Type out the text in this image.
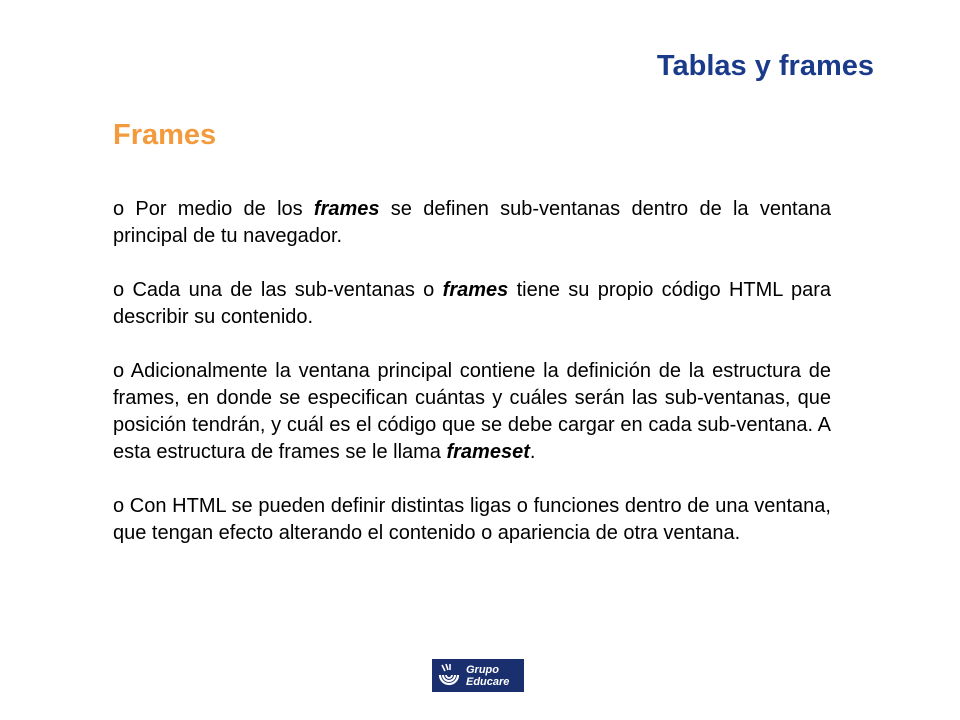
Tablas y frames
Frames

o Por medio de los frames se definen sub-ventanas dentro de la ventana principal de tu navegador.

o Cada una de las sub-ventanas o frames tiene su propio código HTML para describir su contenido.

o Adicionalmente la ventana principal contiene la definición de la estructura de frames, en donde se especifican cuántas y cuáles serán las sub-ventanas, que posición tendrán, y cuál es el código que se debe cargar en cada sub-ventana. A esta estructura de frames se le llama frameset.

o Con HTML se pueden definir distintas ligas o funciones dentro de una ventana, que tengan efecto alterando el contenido o apariencia de otra ventana.

Grupo
Educare
